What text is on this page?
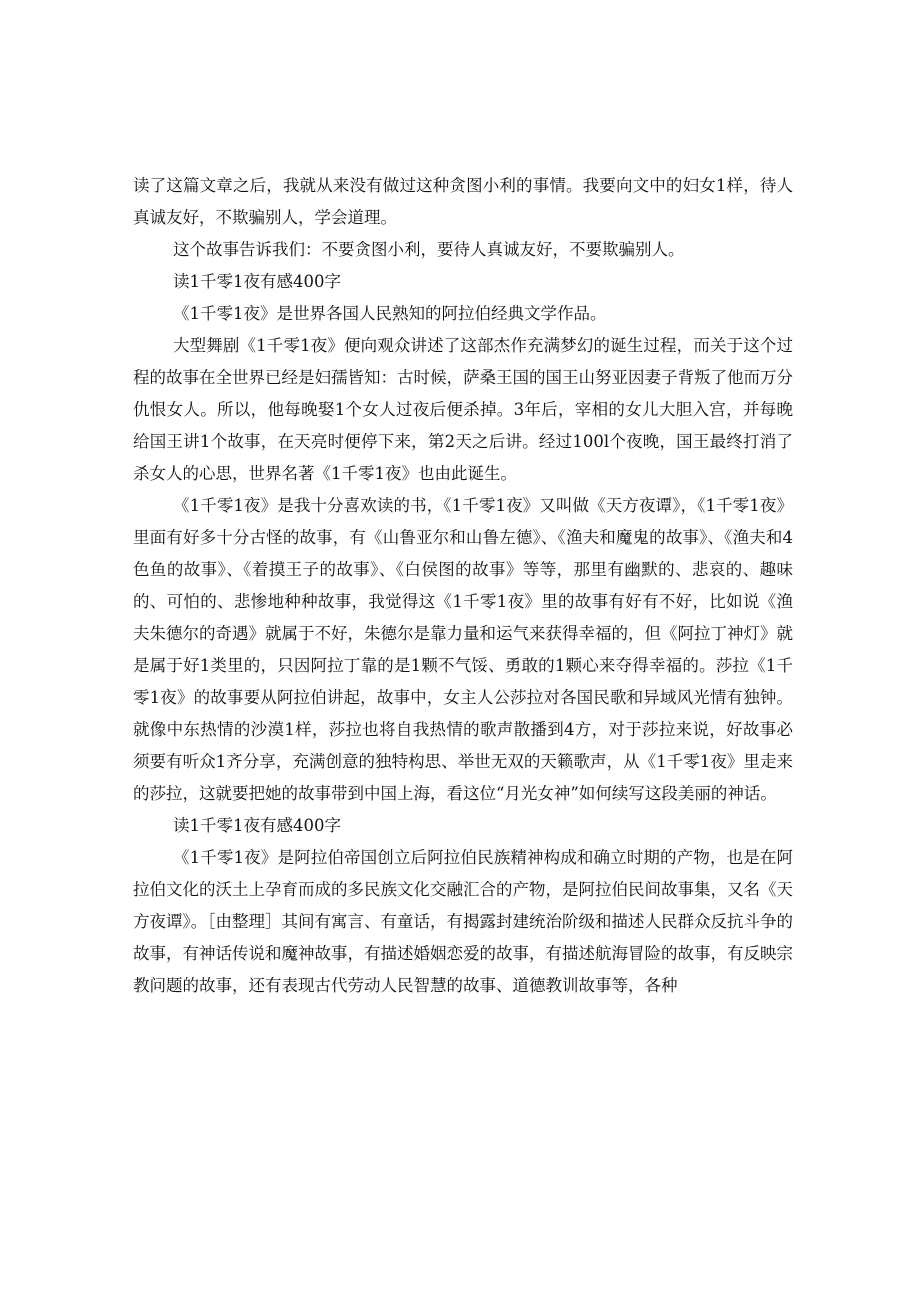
读了这篇文章之后，我就从来没有做过这种贪图小利的事情。我要向文中的妇女1样，待人真诚友好，不欺骗别人，学会道理。

这个故事告诉我们：不要贪图小利，要待人真诚友好，不要欺骗别人。

读1千零1夜有感400字

《1千零1夜》是世界各国人民熟知的阿拉伯经典文学作品。

大型舞剧《1千零1夜》便向观众讲述了这部杰作充满梦幻的诞生过程，而关于这个过程的故事在全世界已经是妇孺皆知：古时候，萨桑王国的国王山努亚因妻子背叛了他而万分仇恨女人。所以，他每晚娶1个女人过夜后便杀掉。3年后，宰相的女儿大胆入宫，并每晚给国王讲1个故事，在天亮时便停下来，第2天之后讲。经过100l个夜晚，国王最终打消了杀女人的心思，世界名著《1千零1夜》也由此诞生。

《1千零1夜》是我十分喜欢读的书，《1千零1夜》又叫做《天方夜谭》，《1千零1夜》里面有好多十分古怪的故事，有《山鲁亚尔和山鲁左德》、《渔夫和魔鬼的故事》、《渔夫和4色鱼的故事》、《着摸王子的故事》、《白侯图的故事》等等，那里有幽默的、悲哀的、趣味的、可怕的、悲惨地种种故事，我觉得这《1千零1夜》里的故事有好有不好，比如说《渔夫朱德尔的奇遇》就属于不好，朱德尔是靠力量和运气来获得幸福的，但《阿拉丁神灯》就是属于好1类里的，只因阿拉丁靠的是1颗不气馁、勇敢的1颗心来夺得幸福的。莎拉《1千零1夜》的故事要从阿拉伯讲起，故事中，女主人公莎拉对各国民歌和异域风光情有独钟。就像中东热情的沙漠1样，莎拉也将自我热情的歌声散播到4方，对于莎拉来说，好故事必须要有听众1齐分享，充满创意的独特构思、举世无双的天籁歌声，从《1千零1夜》里走来的莎拉，这就要把她的故事带到中国上海，看这位“月光女神”如何续写这段美丽的神话。

读1千零1夜有感400字

《1千零1夜》是阿拉伯帝国创立后阿拉伯民族精神构成和确立时期的产物，也是在阿拉伯文化的沃土上孕育而成的多民族文化交融汇合的产物，是阿拉伯民间故事集，又名《天方夜谭》。［由整理］其间有寓言、有童话，有揭露封建统治阶级和描述人民群众反抗斗争的故事，有神话传说和魔神故事，有描述婚姻恋爱的故事，有描述航海冒险的故事，有反映宗教问题的故事，还有表现古代劳动人民智慧的故事、道德教训故事等，各种
